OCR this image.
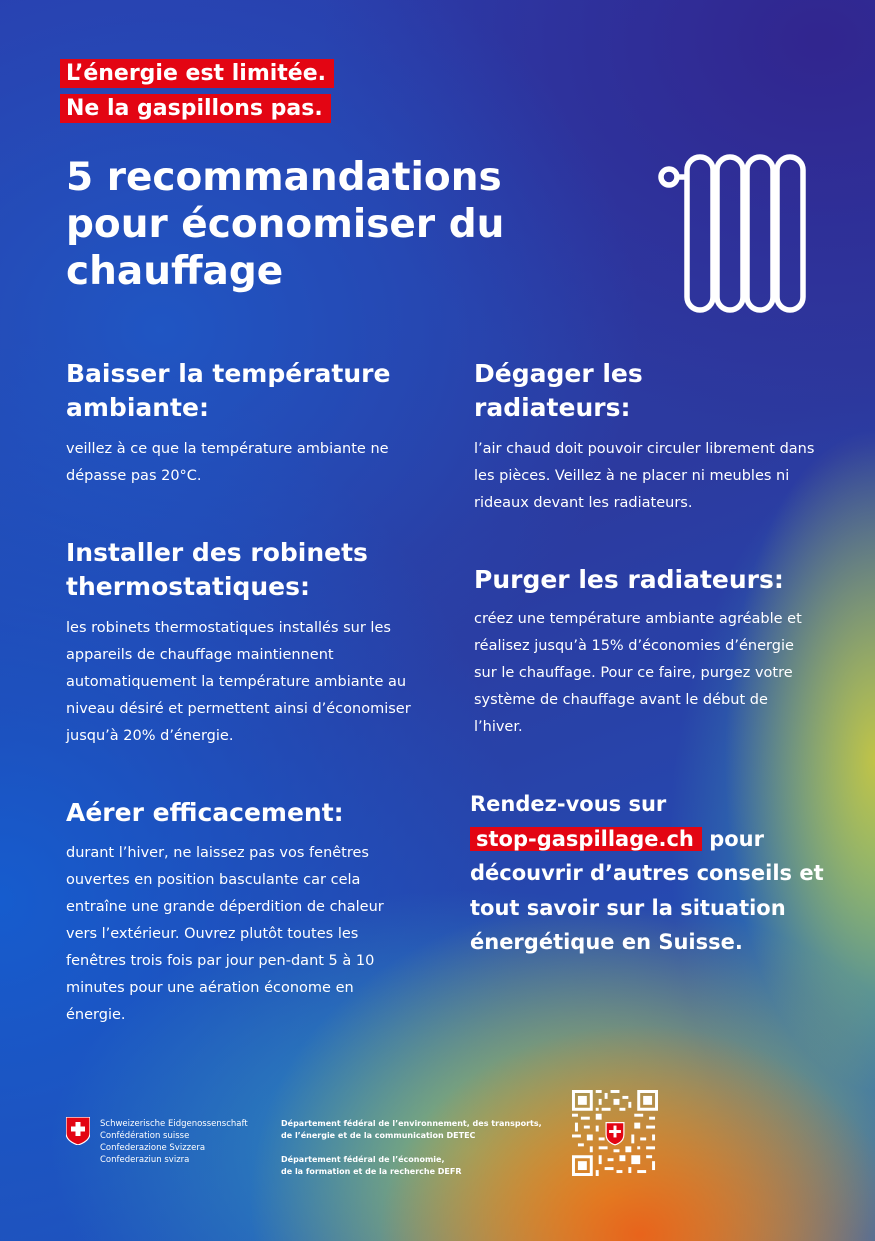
L’énergie est limitée.
Ne la gaspillons pas.
5 recommandations pour économiser du chauffage
Baisser la température ambiante:

veillez à ce que la température ambiante ne dépasse pas 20°C.

Installer des robinets thermostatiques:

les robinets thermostatiques installés sur les appareils de chauffage maintiennent automatiquement la température ambiante au niveau désiré et permettent ainsi d’économiser jusqu’à 20% d’énergie.

Aérer efficacement:

durant l’hiver, ne laissez pas vos fenêtres ouvertes en position basculante car cela entraîne une grande déperdition de chaleur vers l’extérieur. Ouvrez plutôt toutes les fenêtres trois fois par jour pen-dant 5 à 10 minutes pour une aération économe en énergie.

Dégager les radiateurs:

l’air chaud doit pouvoir circuler librement dans les pièces. Veillez à ne placer ni meubles ni rideaux devant les radiateurs.

Purger les radiateurs:

créez une température ambiante agréable et réalisez jusqu’à 15% d’économies d’énergie sur le chauffage. Pour ce faire, purgez votre système de chauffage avant le début de l’hiver.

Rendez-vous sur
stop-gaspillage.ch pour découvrir d’autres conseils et tout savoir sur la situation énergétique en Suisse.
Schweizerische Eidgenossenschaft
Confédération suisse
Confederazione Svizzera
Confederaziun svizra
Département fédéral de l’environnement, des transports,
de l’énergie et de la communication DETEC
Département fédéral de l’économie,
de la formation et de la recherche DEFR
